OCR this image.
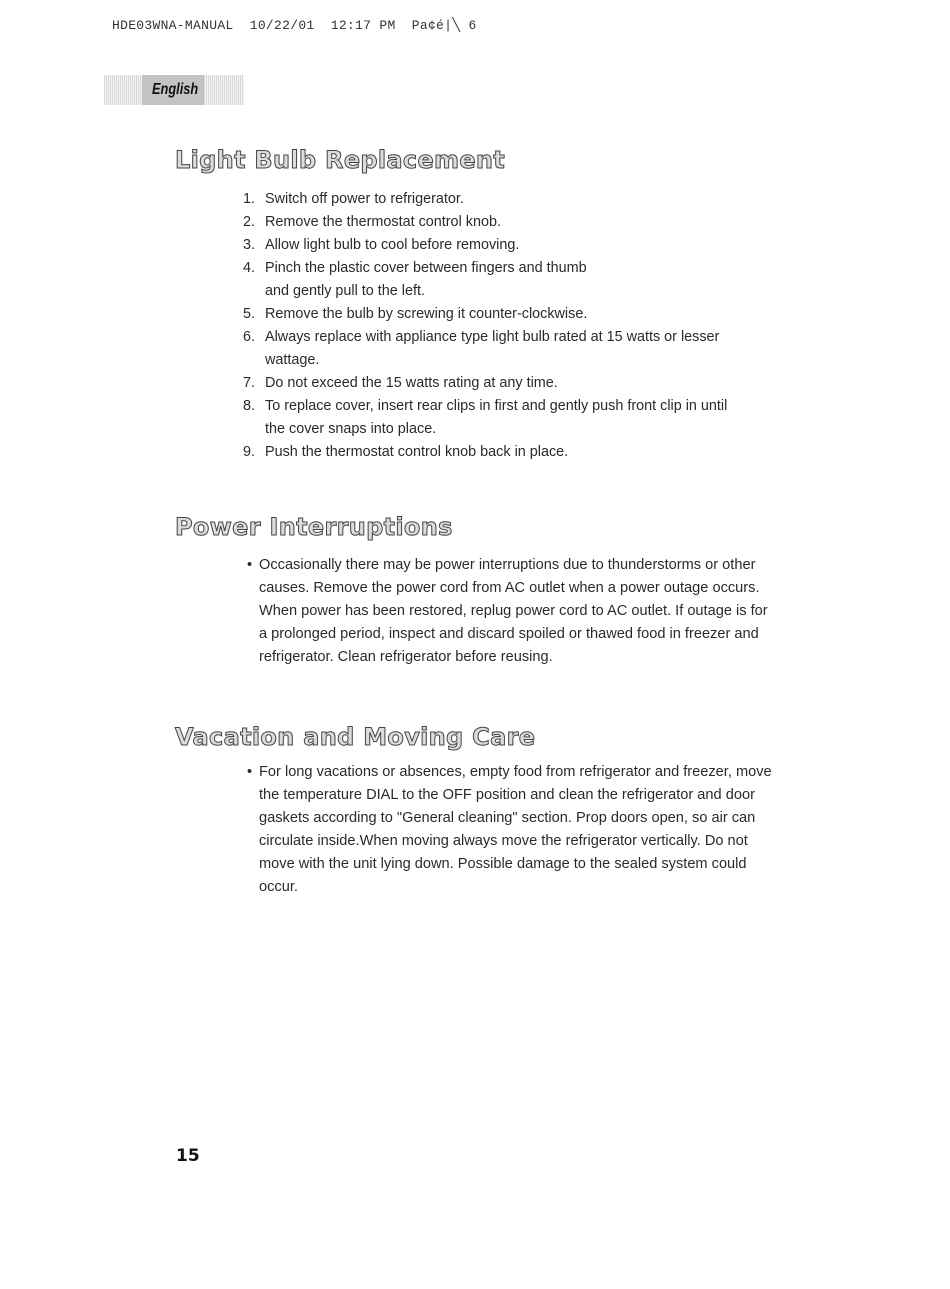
HDE03WNA-MANUAL  10/22/01  12:17 PM  Pa¢é|╲ 6
English
Light Bulb Replacement
1. Switch off power to refrigerator.
2. Remove the thermostat control knob.
3. Allow light bulb to cool before removing.
4. Pinch the plastic cover between fingers and thumb and gently pull to the left.
5. Remove the bulb by screwing it counter-clockwise.
6. Always replace with appliance type light bulb rated at 15 watts or lesser wattage.
7. Do not exceed the 15 watts rating at any time.
8. To replace cover, insert rear clips in first and gently push front clip in until the cover snaps into place.
9. Push the thermostat control knob back in place.
Power Interruptions

• Occasionally there may be power interruptions due to thunderstorms or other causes. Remove the power cord from AC outlet when a power outage occurs. When power has been restored, replug power cord to AC outlet. If outage is for a prolonged period, inspect and discard spoiled or thawed food in freezer and refrigerator. Clean refrigerator before reusing.

Vacation and Moving Care

• For long vacations or absences, empty food from refrigerator and freezer, move the temperature DIAL to the OFF position and clean the refrigerator and door gaskets according to "General cleaning" section. Prop doors open, so air can circulate inside.When moving always move the refrigerator vertically. Do not move with the unit lying down. Possible damage to the sealed system could occur.

15
